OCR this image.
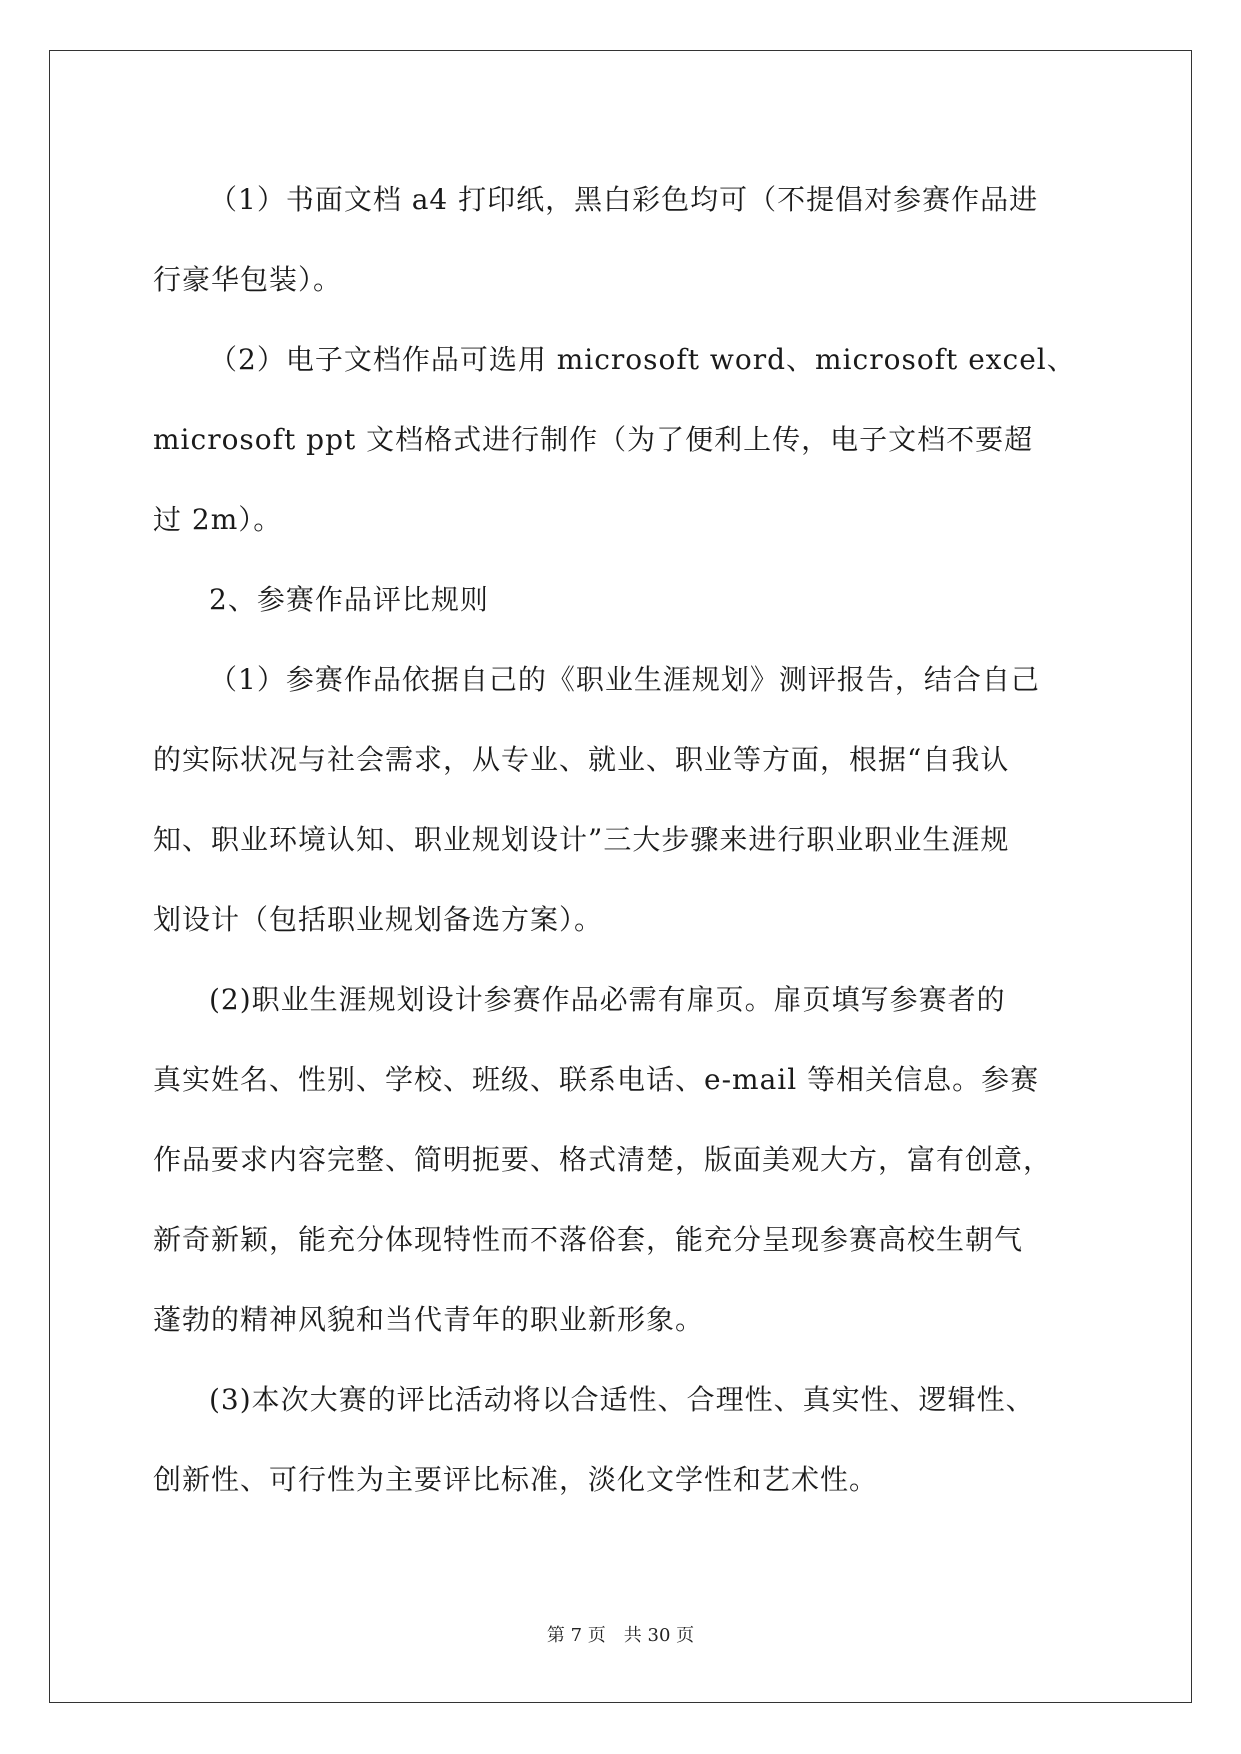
（1）书面文档 a4 打印纸，黑白彩色均可（不提倡对参赛作品进
行豪华包装）。
（2）电子文档作品可选用 microsoft word、microsoft excel、
microsoft ppt 文档格式进行制作（为了便利上传，电子文档不要超
过 2m）。
2、参赛作品评比规则
（1）参赛作品依据自己的《职业生涯规划》测评报告，结合自己
的实际状况与社会需求，从专业、就业、职业等方面，根据“自我认
知、职业环境认知、职业规划设计”三大步骤来进行职业职业生涯规
划设计（包括职业规划备选方案）。
(2)职业生涯规划设计参赛作品必需有扉页。扉页填写参赛者的
真实姓名、性别、学校、班级、联系电话、e-mail 等相关信息。参赛
作品要求内容完整、简明扼要、格式清楚，版面美观大方，富有创意，
新奇新颖，能充分体现特性而不落俗套，能充分呈现参赛高校生朝气
蓬勃的精神风貌和当代青年的职业新形象。
(3)本次大赛的评比活动将以合适性、合理性、真实性、逻辑性、
创新性、可行性为主要评比标准，淡化文学性和艺术性。
第 7 页　共 30 页
